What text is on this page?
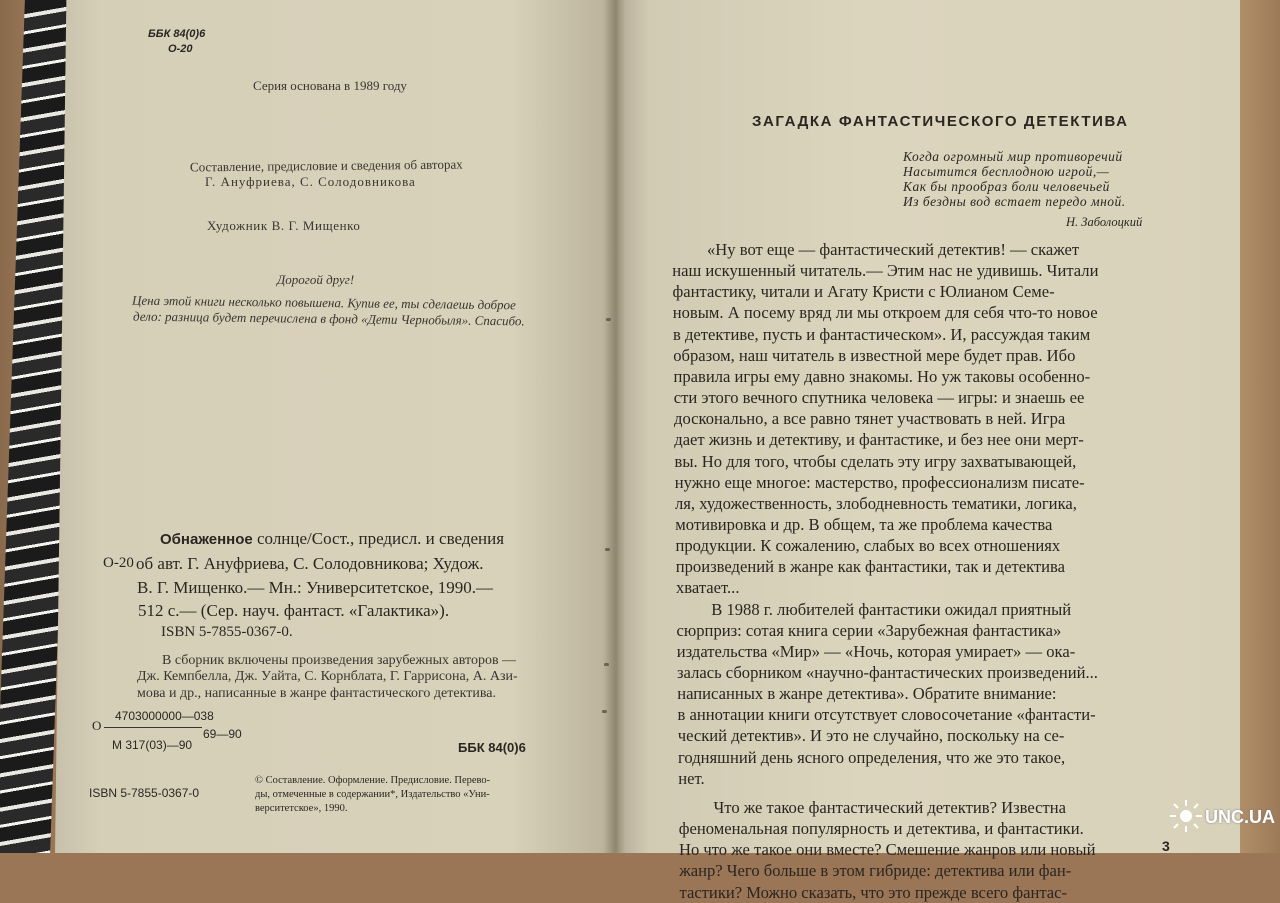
ББК 84(0)6

О-20

Серия основана в 1989 году

Составление, предисловие и сведения об авторах

Г. Ануфриева, С. Солодовникова

Художник В. Г. Мищенко

Дорогой друг!

Цена этой книги несколько повышена. Купив ее, ты сделаешь доброе

дело: разница будет перечислена в фонд «Дети Чернобыля». Спасибо.

Обнаженное солнце/Сост., предисл. и сведения

О-20 об авт. Г. Ануфриева, С. Солодовникова; Худож.

В. Г. Мищенко.— Мн.: Университетское, 1990.—

512 с.— (Сер. науч. фантаст. «Галактика»).

ISBN 5-7855-0367-0.

В сборник включены произведения зарубежных авторов —

Дж. Кемпбелла, Дж. Уайта, С. Корнблата, Г. Гаррисона, А. Ази-

мова и др., написанные в жанре фантастического детектива.

О

4703000000—038

69—90

М 317(03)—90	ББК 84(0)6

ISBN 5-7855-0367-0

© Составление. Оформление. Предисловие. Перево-

ды, отмеченные в содержании*, Издательство «Уни-

верситетское», 1990.

ЗАГАДКА ФАНТАСТИЧЕСКОГО ДЕТЕКТИВА

Когда огромный мир противоречий

Насытится бесплодною игрой,—

Как бы прообраз боли человечьей

Из бездны вод встает передо мной.

Н. Заболоцкий

«Ну вот еще — фантастический детектив! — скажет

наш искушенный читатель.— Этим нас не удивишь. Читали

фантастику, читали и Агату Кристи с Юлианом Семе-

новым. А посему вряд ли мы откроем для себя что-то новое

в детективе, пусть и фантастическом». И, рассуждая таким

образом, наш читатель в известной мере будет прав. Ибо

правила игры ему давно знакомы. Но уж таковы особенно-

сти этого вечного спутника человека — игры: и знаешь ее

досконально, а все равно тянет участвовать в ней. Игра

дает жизнь и детективу, и фантастике, и без нее они мерт-

вы. Но для того, чтобы сделать эту игру захватывающей,

нужно еще многое: мастерство, профессионализм писате-

ля, художественность, злободневность тематики, логика,

мотивировка и др. В общем, та же проблема качества

продукции. К сожалению, слабых во всех отношениях

произведений в жанре как фантастики, так и детектива

хватает...

В 1988 г. любителей фантастики ожидал приятный

сюрприз: сотая книга серии «Зарубежная фантастика»

издательства «Мир» — «Ночь, которая умирает» — ока-

залась сборником «научно-фантастических произведений...

написанных в жанре детектива». Обратите внимание:

в аннотации книги отсутствует словосочетание «фантасти-

ческий детектив». И это не случайно, поскольку на се-

годняшний день ясного определения, что же это такое,

нет.

Что же такое фантастический детектив? Известна

феноменальная популярность и детектива, и фантастики.

Но что же такое они вместе? Смешение жанров или новый

жанр? Чего больше в этом гибриде: детектива или фан-

тастики? Можно сказать, что это прежде всего фантас-

3

UNC.UA
